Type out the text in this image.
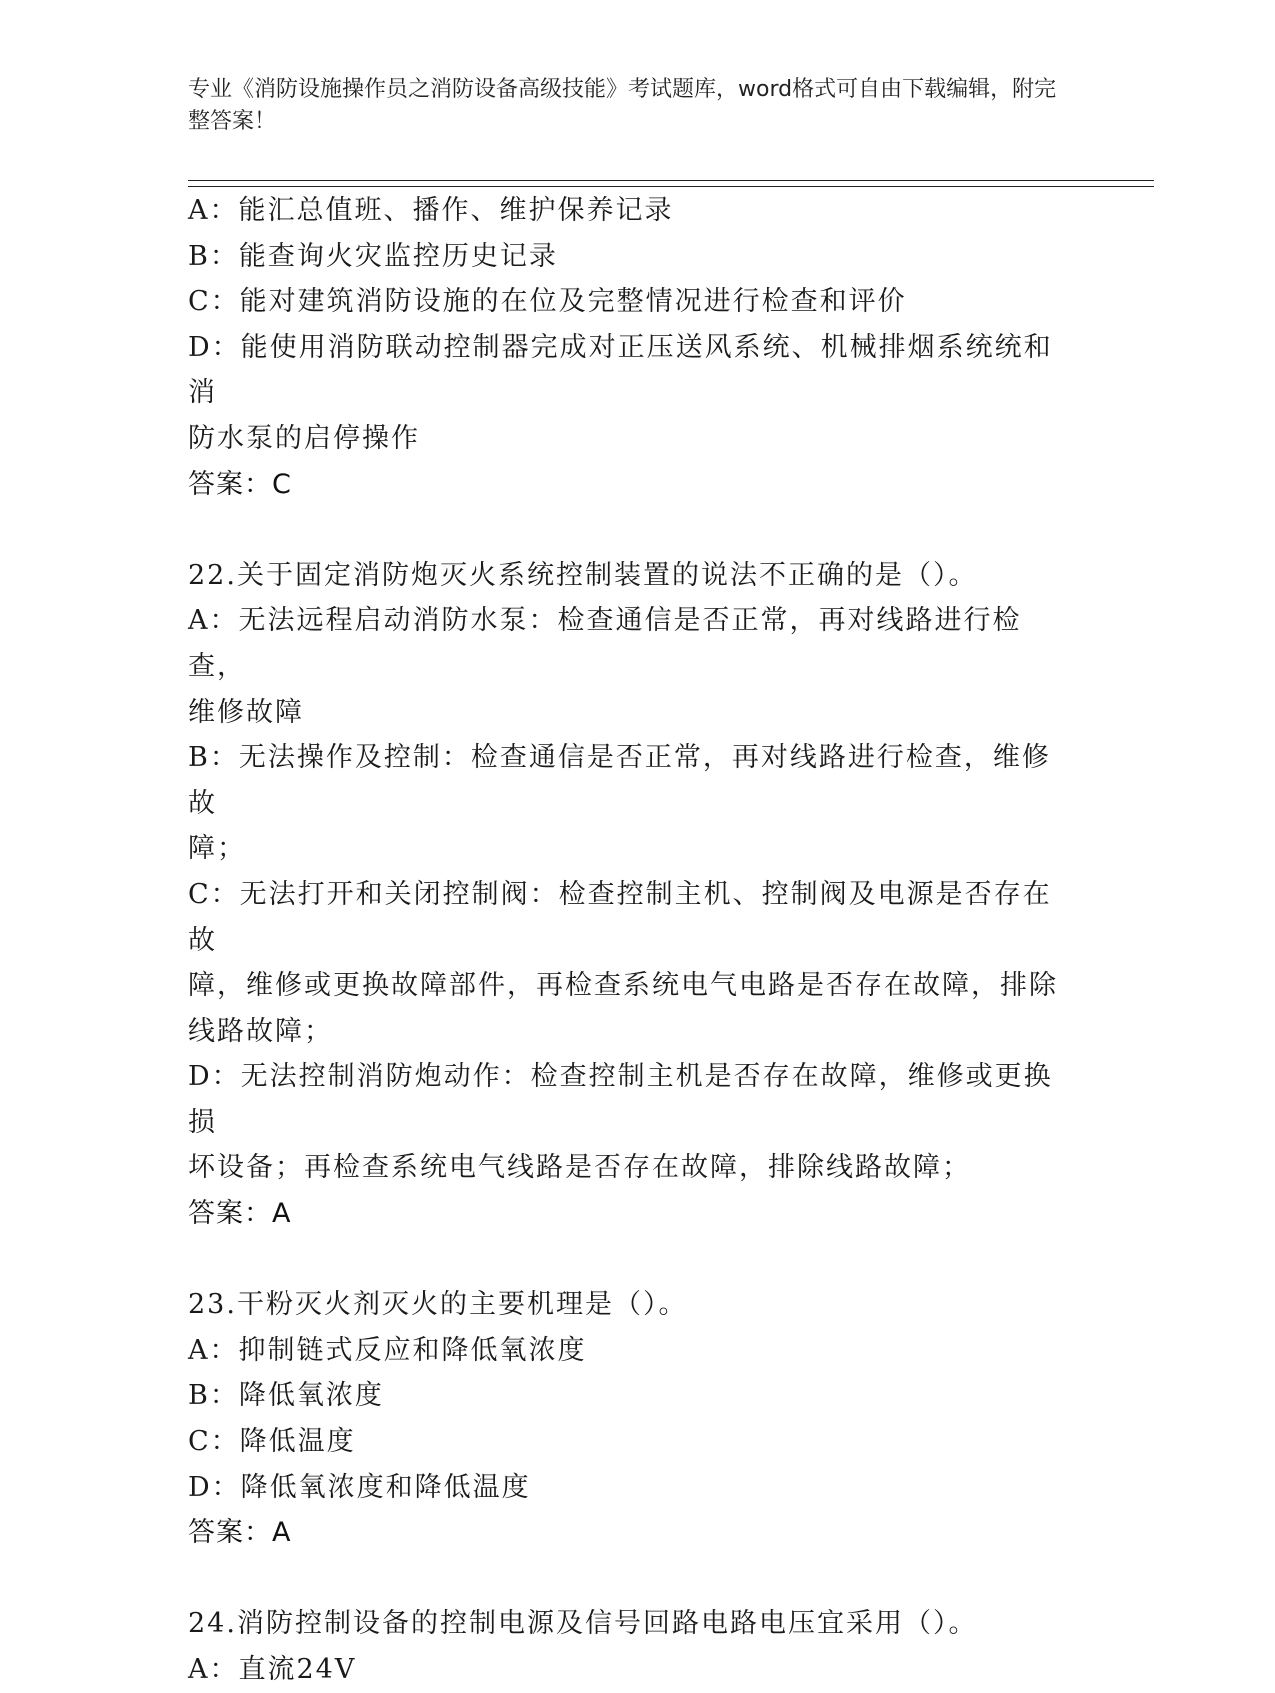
专业《消防设施操作员之消防设备高级技能》考试题库，word格式可自由下载编辑，附完整答案！
A：能汇总值班、播作、维护保养记录
B：能查询火灾监控历史记录
C：能对建筑消防设施的在位及完整情况进行检查和评价
D：能使用消防联动控制器完成对正压送风系统、机械排烟系统统和消
防水泵的启停操作
答案：C
22.关于固定消防炮灭火系统控制装置的说法不正确的是（）。
A：无法远程启动消防水泵：检查通信是否正常，再对线路进行检查，
维修故障
B：无法操作及控制：检查通信是否正常，再对线路进行检查，维修故
障；
C：无法打开和关闭控制阀：检查控制主机、控制阀及电源是否存在故
障，维修或更换故障部件，再检查系统电气电路是否存在故障，排除
线路故障；
D：无法控制消防炮动作：检查控制主机是否存在故障，维修或更换损
坏设备；再检查系统电气线路是否存在故障，排除线路故障；
答案：A
23.干粉灭火剂灭火的主要机理是（）。
A：抑制链式反应和降低氧浓度
B：降低氧浓度
C：降低温度
D：降低氧浓度和降低温度
答案：A
24.消防控制设备的控制电源及信号回路电路电压宜采用（）。
A：直流24V
